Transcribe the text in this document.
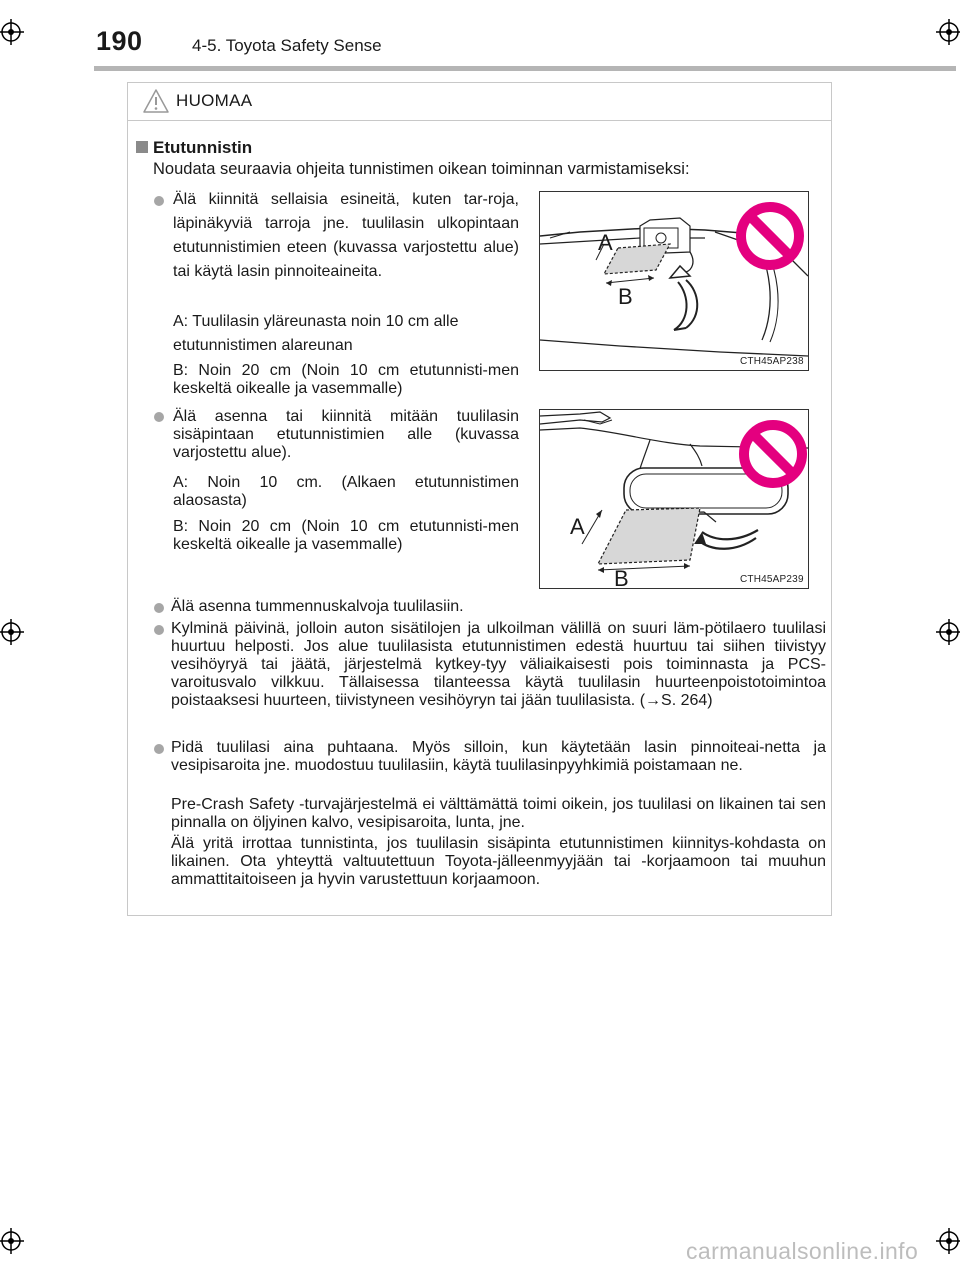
190	4-5. Toyota Safety Sense
HUOMAA
Etutunnistin
Noudata seuraavia ohjeita tunnistimen oikean toiminnan varmistamiseksi:
Älä kiinnitä sellaisia esineitä, kuten tar-roja, läpinäkyviä tarroja jne. tuulilasin ulkopintaan etutunnistimien eteen (kuvassa varjostettu alue) tai käytä lasin pinnoiteaineita.
A: Tuulilasin yläreunasta noin 10 cm alle etutunnistimen alareunan
B: Noin 20 cm (Noin 10 cm etutunnisti-men keskeltä oikealle ja vasemmalle)
A
B
CTH45AP238
Älä asenna tai kiinnitä mitään tuulilasin sisäpintaan etutunnistimien alle (kuvassa varjostettu alue).
A: Noin 10 cm. (Alkaen etutunnistimen alaosasta)
B: Noin 20 cm (Noin 10 cm etutunnisti-men keskeltä oikealle ja vasemmalle)
A
B	CTH45AP239
Älä asenna tummennuskalvoja tuulilasiin.
Kylminä päivinä, jolloin auton sisätilojen ja ulkoilman välillä on suuri läm-pötilaero tuulilasi huurtuu helposti. Jos alue tuulilasista etutunnistimen edestä huurtuu tai siihen tiivistyy vesihöyryä tai jäätä, järjestelmä kytkey-tyy väliaikaisesti pois toiminnasta ja PCS-varoitusvalo vilkkuu. Tällaisessa tilanteessa käytä tuulilasin huurteenpoistotoimintoa poistaaksesi huurteen, tiivistyneen vesihöyryn tai jään tuulilasista. (→S. 264)
Pidä tuulilasi aina puhtaana. Myös silloin, kun käytetään lasin pinnoiteai-netta ja vesipisaroita jne. muodostuu tuulilasiin, käytä tuulilasinpyyhkimiä poistamaan ne.
Pre-Crash Safety -turvajärjestelmä ei välttämättä toimi oikein, jos tuulilasi on likainen tai sen pinnalla on öljyinen kalvo, vesipisaroita, lunta, jne.
Älä yritä irrottaa tunnistinta, jos tuulilasin sisäpinta etutunnistimen kiinnitys-kohdasta on likainen. Ota yhteyttä valtuutettuun Toyota-jälleenmyyjään tai -korjaamoon tai muuhun ammattitaitoiseen ja hyvin varustettuun korjaamoon.
carmanualsonline.info
